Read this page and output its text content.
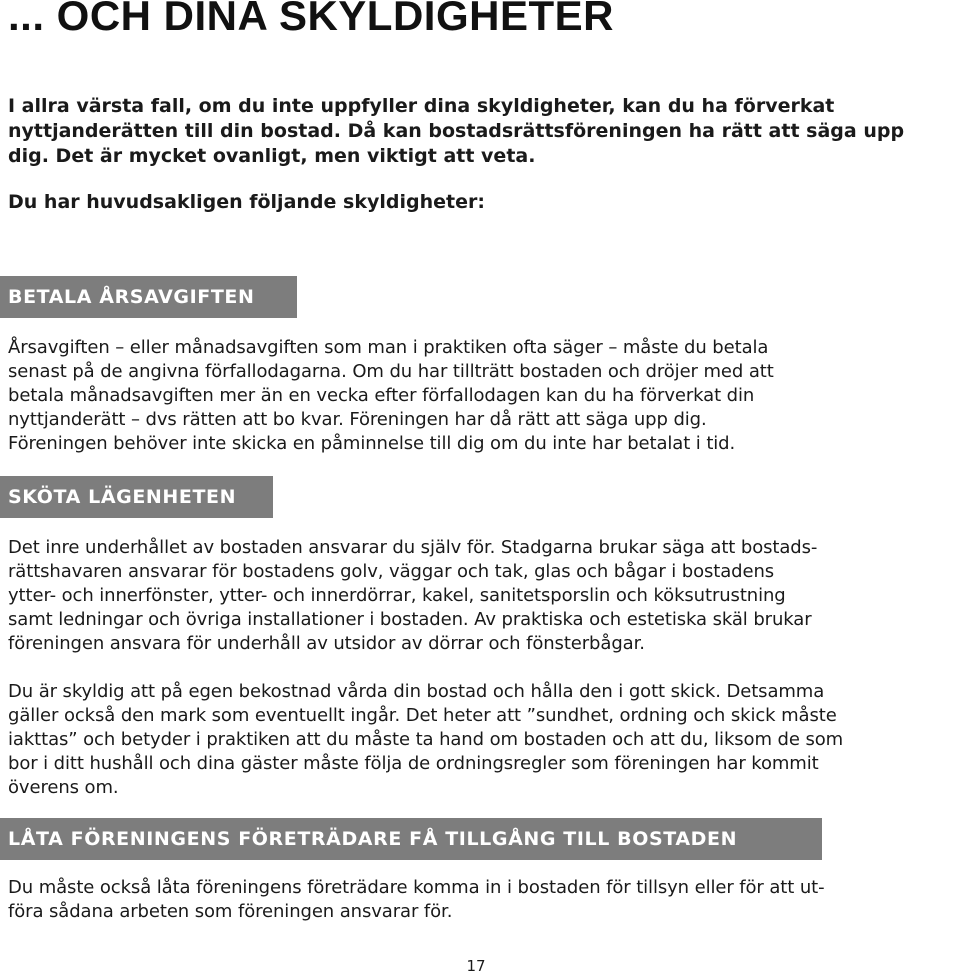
... OCH DINA SKYLDIGHETER

I allra värsta fall, om du inte uppfyller dina skyldigheter, kan du ha förverkat nyttjanderätten till din bostad. Då kan bostadsrättsföreningen ha rätt att säga upp dig. Det är mycket ovanligt, men viktigt att veta.

Du har huvudsakligen följande skyldigheter:

BETALA ÅRSAVGIFTEN
Årsavgiften – eller månadsavgiften som man i praktiken ofta säger – måste du betala
senast på de angivna förfallodagarna. Om du har tillträtt bostaden och dröjer med att
betala månadsavgiften mer än en vecka efter förfallodagen kan du ha förverkat din
nyttjanderätt – dvs rätten att bo kvar. Föreningen har då rätt att säga upp dig.
Föreningen behöver inte skicka en påminnelse till dig om du inte har betalat i tid.
SKÖTA LÄGENHETEN
Det inre underhållet av bostaden ansvarar du själv för. Stadgarna brukar säga att bostads-
rättshavaren ansvarar för bostadens golv, väggar och tak, glas och bågar i bostadens
ytter- och innerfönster, ytter- och innerdörrar, kakel, sanitetsporslin och köksutrustning
samt ledningar och övriga installationer i bostaden. Av praktiska och estetiska skäl brukar
föreningen ansvara för underhåll av utsidor av dörrar och fönsterbågar.
Du är skyldig att på egen bekostnad vårda din bostad och hålla den i gott skick. Detsamma
gäller också den mark som eventuellt ingår. Det heter att ”sundhet, ordning och skick måste
iakttas” och betyder i praktiken att du måste ta hand om bostaden och att du, liksom de som
bor i ditt hushåll och dina gäster måste följa de ordningsregler som föreningen har kommit
överens om.
LÅTA FÖRENINGENS FÖRETRÄDARE FÅ TILLGÅNG TILL BOSTADEN
Du måste också låta föreningens företrädare komma in i bostaden för tillsyn eller för att ut-
föra sådana arbeten som föreningen ansvarar för.
17
